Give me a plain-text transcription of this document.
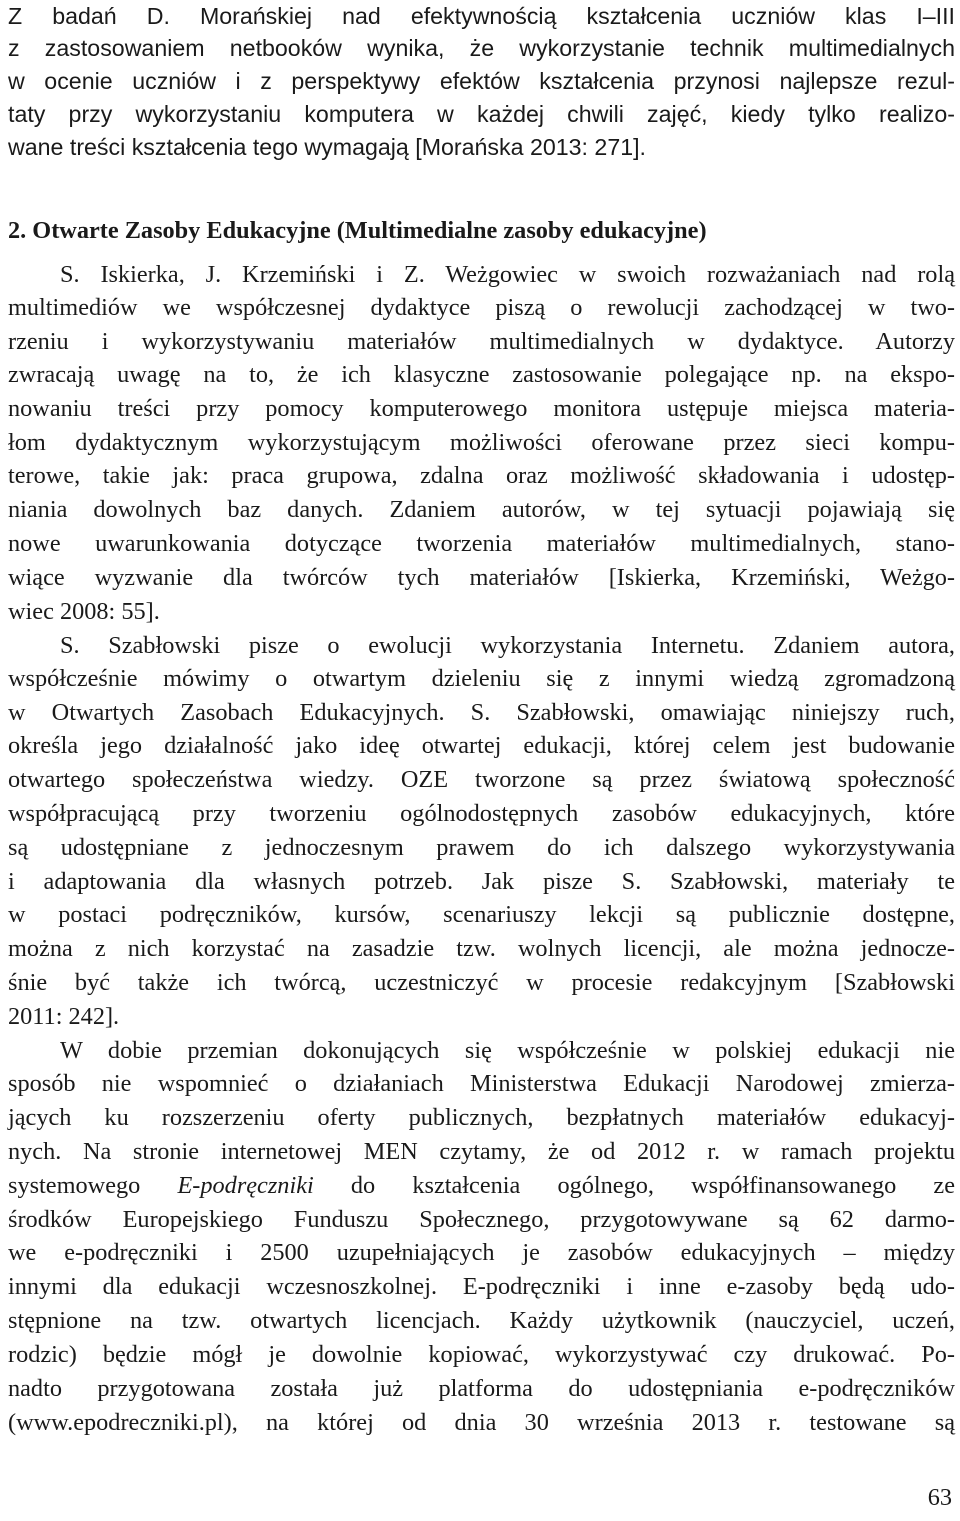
Z badań D. Morańskiej nad efektywnością kształcenia uczniów klas I–III
z zastosowaniem netbooków wynika, że wykorzystanie technik multimedialnych
w ocenie uczniów i z perspektywy efektów kształcenia przynosi najlepsze rezul-
taty przy wykorzystaniu komputera w każdej chwili zajęć, kiedy tylko realizo-
wane treści kształcenia tego wymagają [Morańska 2013: 271].
2. Otwarte Zasoby Edukacyjne (Multimedialne zasoby edukacyjne)
S. Iskierka, J. Krzemiński i Z. Weżgowiec w swoich rozważaniach nad rolą
multimediów we współczesnej dydaktyce piszą o rewolucji zachodzącej w two-
rzeniu i wykorzystywaniu materiałów multimedialnych w dydaktyce. Autorzy
zwracają uwagę na to, że ich klasyczne zastosowanie polegające np. na ekspo-
nowaniu treści przy pomocy komputerowego monitora ustępuje miejsca materia-
łom dydaktycznym wykorzystującym możliwości oferowane przez sieci kompu-
terowe, takie jak: praca grupowa, zdalna oraz możliwość składowania i udostęp-
niania dowolnych baz danych. Zdaniem autorów, w tej sytuacji pojawiają się
nowe uwarunkowania dotyczące tworzenia materiałów multimedialnych, stano-
wiące wyzwanie dla twórców tych materiałów [Iskierka, Krzemiński, Weżgo-
wiec 2008: 55].
S. Szabłowski pisze o ewolucji wykorzystania Internetu. Zdaniem autora,
współcześnie mówimy o otwartym dzieleniu się z innymi wiedzą zgromadzoną
w Otwartych Zasobach Edukacyjnych. S. Szabłowski, omawiając niniejszy ruch,
określa jego działalność jako ideę otwartej edukacji, której celem jest budowanie
otwartego społeczeństwa wiedzy. OZE tworzone są przez światową społeczność
współpracującą przy tworzeniu ogólnodostępnych zasobów edukacyjnych, które
są udostępniane z jednoczesnym prawem do ich dalszego wykorzystywania
i adaptowania dla własnych potrzeb. Jak pisze S. Szabłowski, materiały te
w postaci podręczników, kursów, scenariuszy lekcji są publicznie dostępne,
można z nich korzystać na zasadzie tzw. wolnych licencji, ale można jednocze-
śnie być także ich twórcą, uczestniczyć w procesie redakcyjnym [Szabłowski
2011: 242].
W dobie przemian dokonujących się współcześnie w polskiej edukacji nie
sposób nie wspomnieć o działaniach Ministerstwa Edukacji Narodowej zmierza-
jących ku rozszerzeniu oferty publicznych, bezpłatnych materiałów edukacyj-
nych. Na stronie internetowej MEN czytamy, że od 2012 r. w ramach projektu
systemowego E-podręczniki do kształcenia ogólnego, współfinansowanego ze
środków Europejskiego Funduszu Społecznego, przygotowywane są 62 darmo-
we e-podręczniki i 2500 uzupełniających je zasobów edukacyjnych – między
innymi dla edukacji wczesnoszkolnej. E-podręczniki i inne e-zasoby będą udo-
stępnione na tzw. otwartych licencjach. Każdy użytkownik (nauczyciel, uczeń,
rodzic) będzie mógł je dowolnie kopiować, wykorzystywać czy drukować. Po-
nadto przygotowana została już platforma do udostępniania e-podręczników
(www.epodreczniki.pl), na której od dnia 30 września 2013 r. testowane są
63
